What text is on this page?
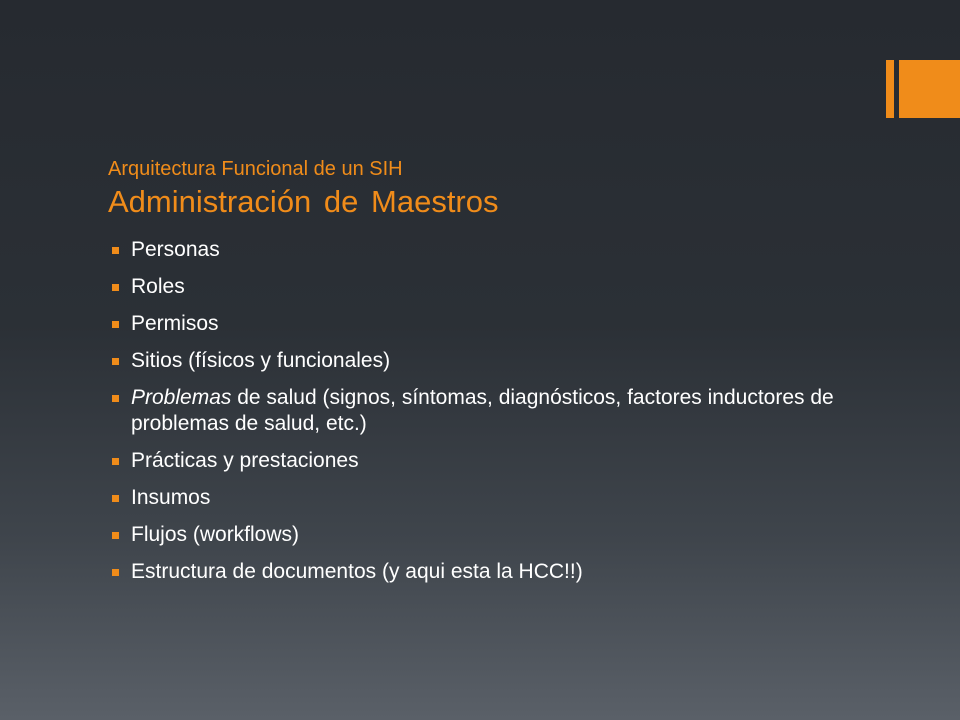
Arquitectura Funcional de un SIH
Administración de Maestros
Personas
Roles
Permisos
Sitios (físicos y funcionales)
Problemas de salud (signos, síntomas, diagnósticos, factores inductores de problemas de salud, etc.)
Prácticas y prestaciones
Insumos
Flujos (workflows)
Estructura de documentos (y aqui esta la HCC!!)
